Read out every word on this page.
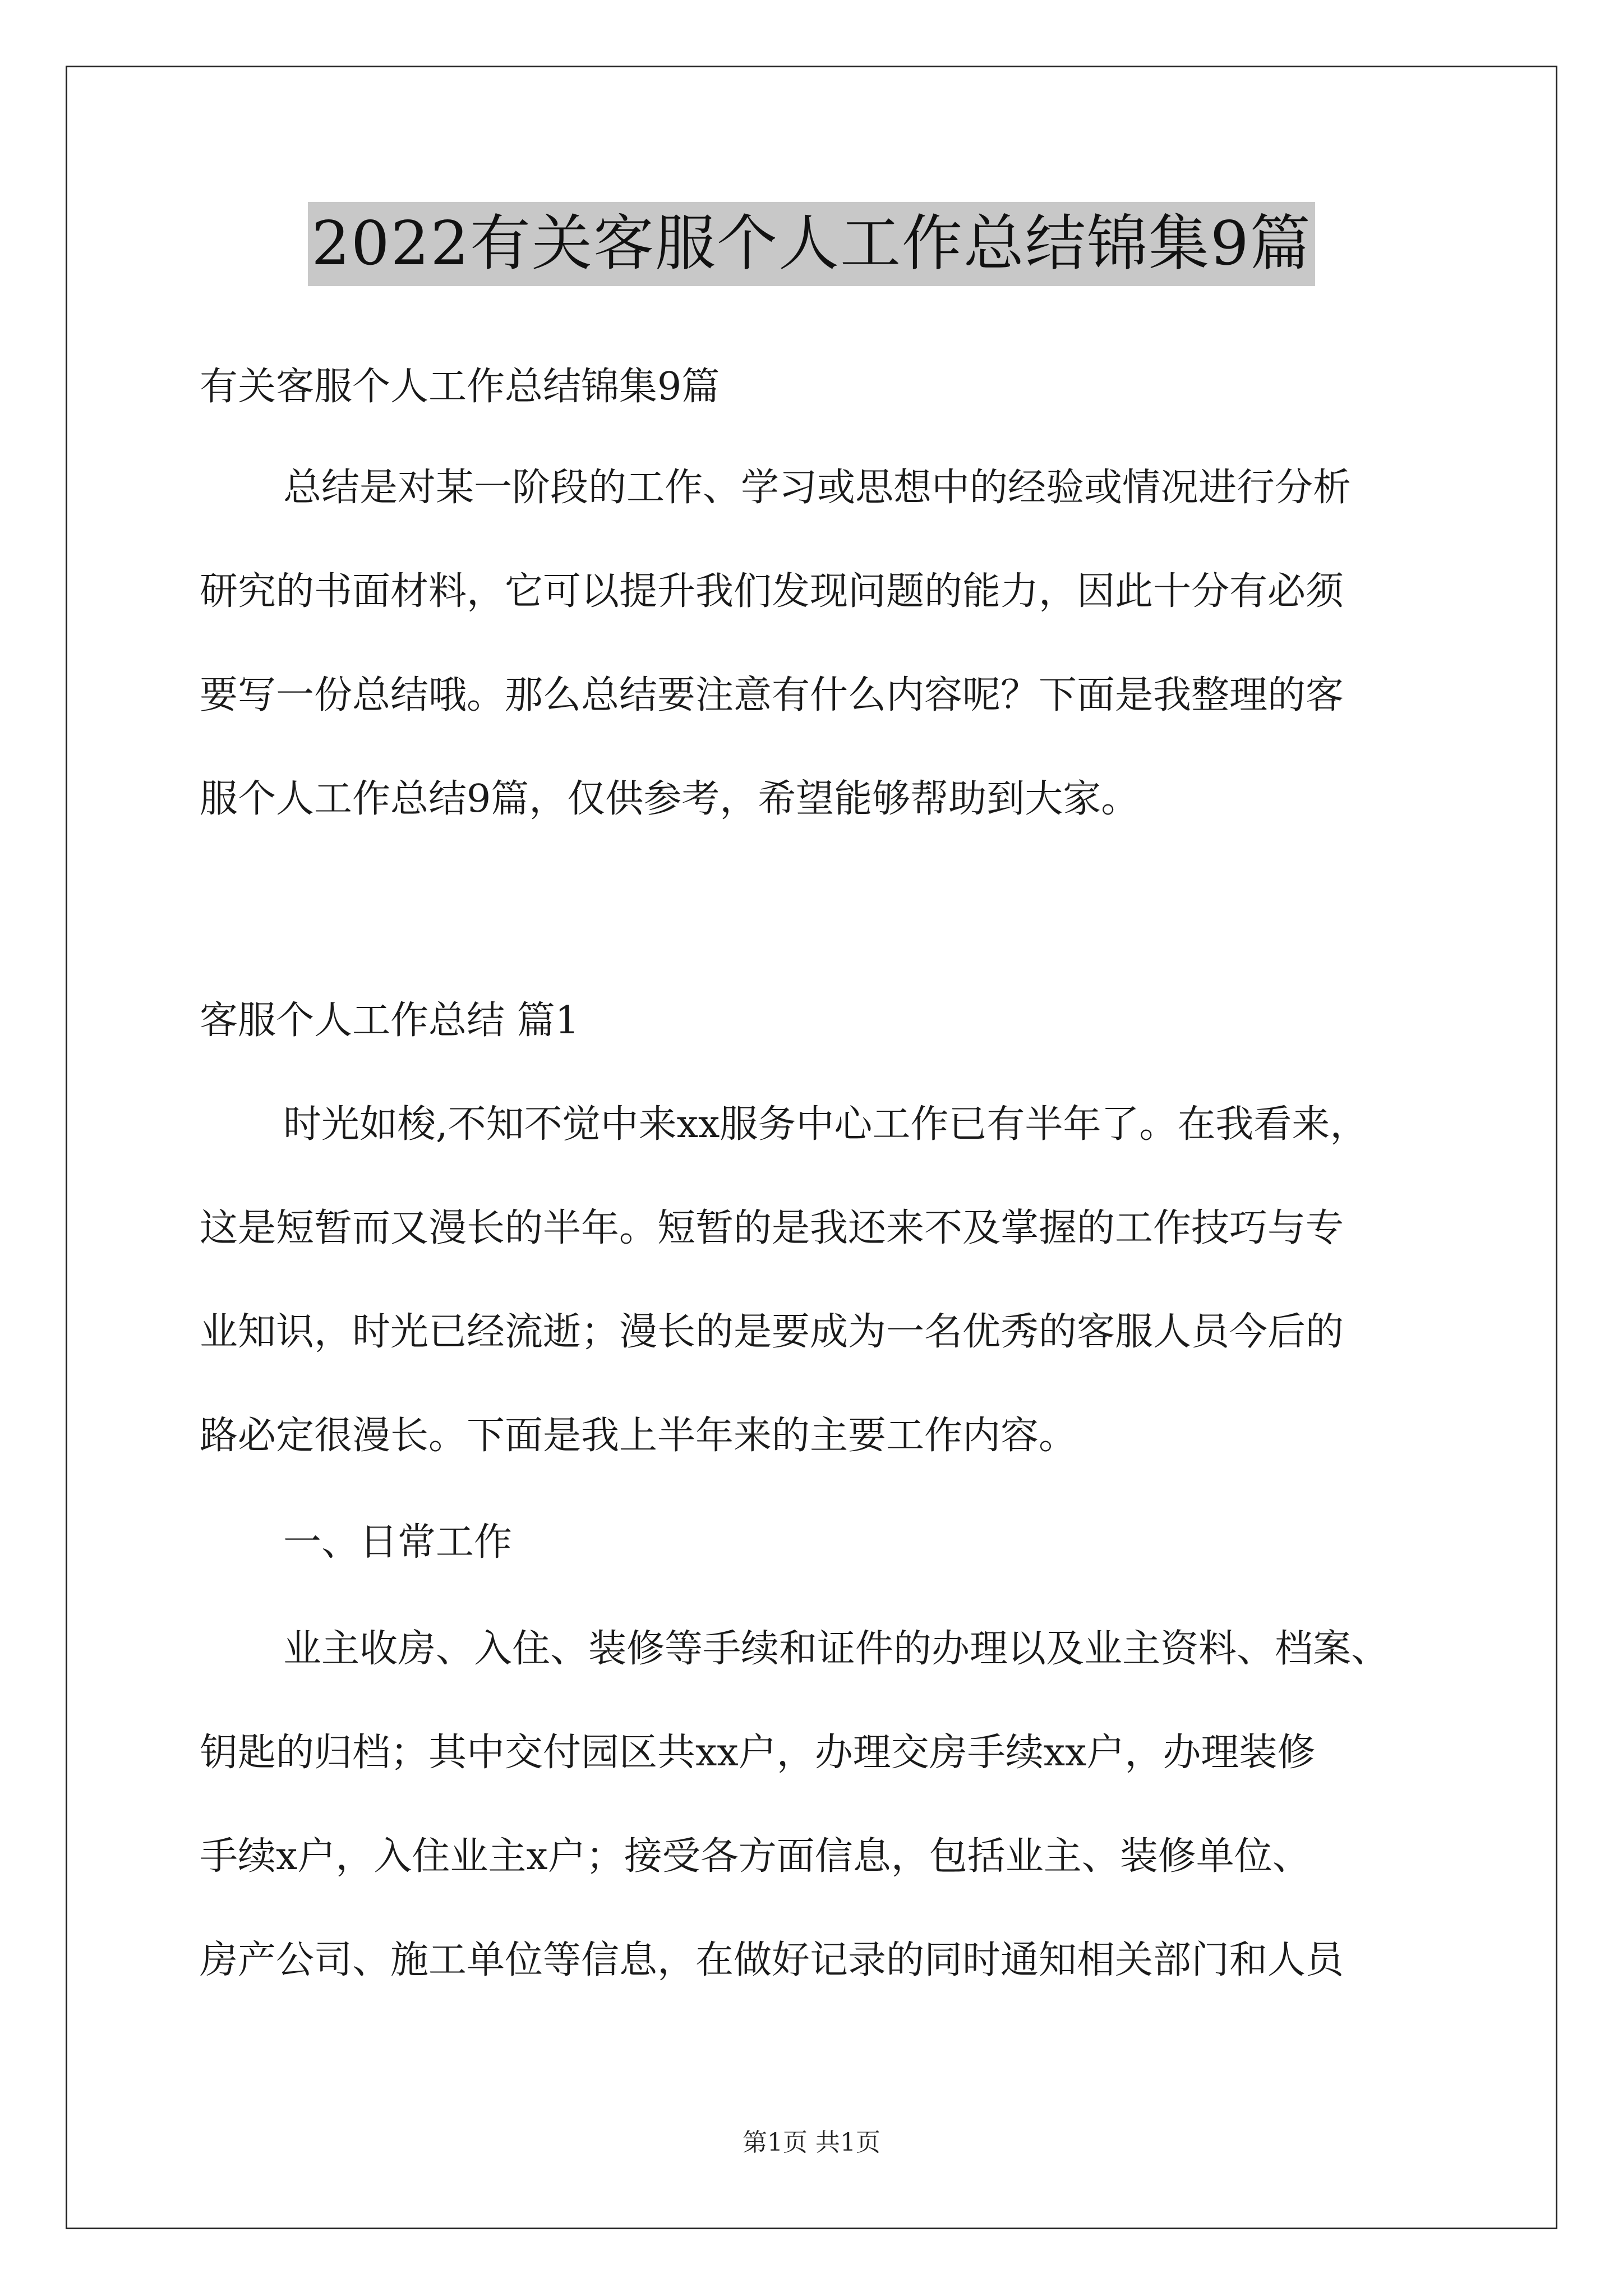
2022有关客服个人工作总结锦集9篇
有关客服个人工作总结锦集9篇
总结是对某一阶段的工作、学习或思想中的经验或情况进行分析
研究的书面材料，它可以提升我们发现问题的能力，因此十分有必须
要写一份总结哦。那么总结要注意有什么内容呢？下面是我整理的客
服个人工作总结9篇，仅供参考，希望能够帮助到大家。
客服个人工作总结 篇1
时光如梭,不知不觉中来xx服务中心工作已有半年了。在我看来，
这是短暂而又漫长的半年。短暂的是我还来不及掌握的工作技巧与专
业知识，时光已经流逝；漫长的是要成为一名优秀的客服人员今后的
路必定很漫长。下面是我上半年来的主要工作内容。
一、日常工作
业主收房、入住、装修等手续和证件的办理以及业主资料、档案、
钥匙的归档；其中交付园区共xx户，办理交房手续xx户，办理装修
手续x户，入住业主x户；接受各方面信息，包括业主、装修单位、
房产公司、施工单位等信息，在做好记录的同时通知相关部门和人员
第1页 共1页
